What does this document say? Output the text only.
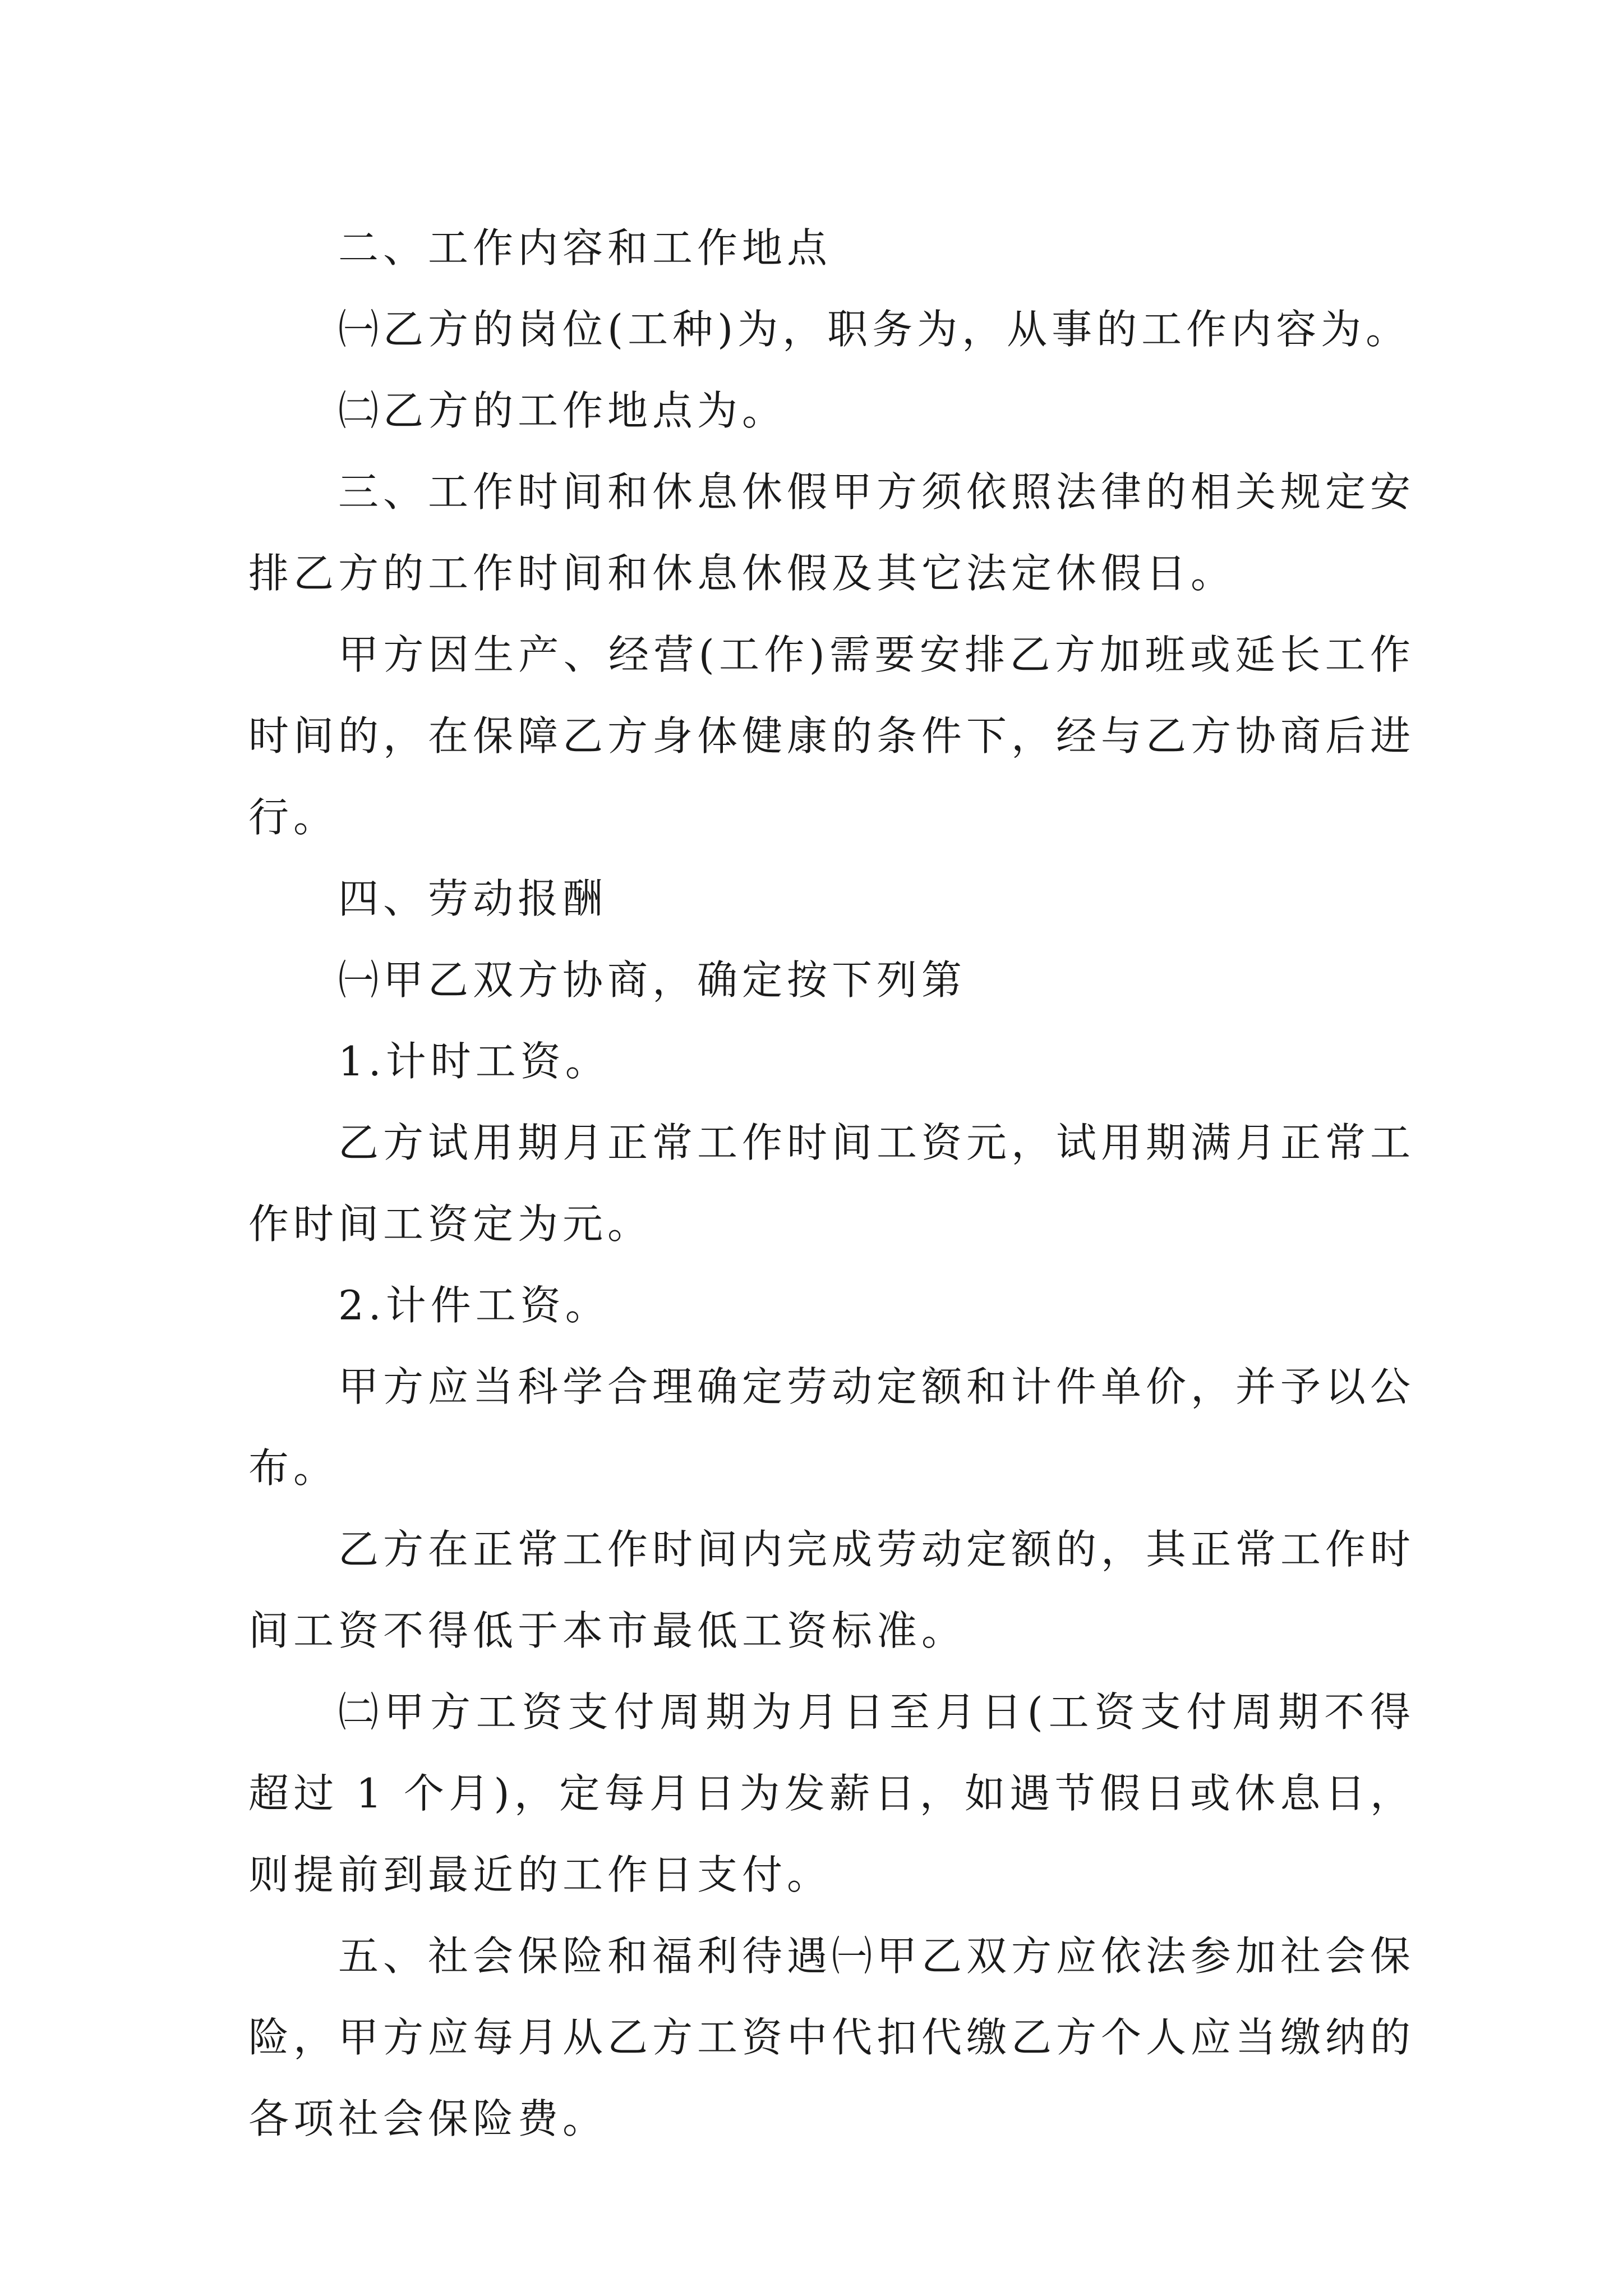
二、工作内容和工作地点

㈠乙方的岗位(工种)为，职务为，从事的工作内容为。

㈡乙方的工作地点为。

三、工作时间和休息休假甲方须依照法律的相关规定安排乙方的工作时间和休息休假及其它法定休假日。

甲方因生产、经营(工作)需要安排乙方加班或延长工作时间的，在保障乙方身体健康的条件下，经与乙方协商后进行。

四、劳动报酬

㈠甲乙双方协商，确定按下列第

1.计时工资。

乙方试用期月正常工作时间工资元，试用期满月正常工作时间工资定为元。

2.计件工资。

甲方应当科学合理确定劳动定额和计件单价，并予以公布。

乙方在正常工作时间内完成劳动定额的，其正常工作时间工资不得低于本市最低工资标准。

㈡甲方工资支付周期为月日至月日(工资支付周期不得超过 1 个月)，定每月日为发薪日，如遇节假日或休息日，则提前到最近的工作日支付。

五、社会保险和福利待遇㈠甲乙双方应依法参加社会保险，甲方应每月从乙方工资中代扣代缴乙方个人应当缴纳的各项社会保险费。
